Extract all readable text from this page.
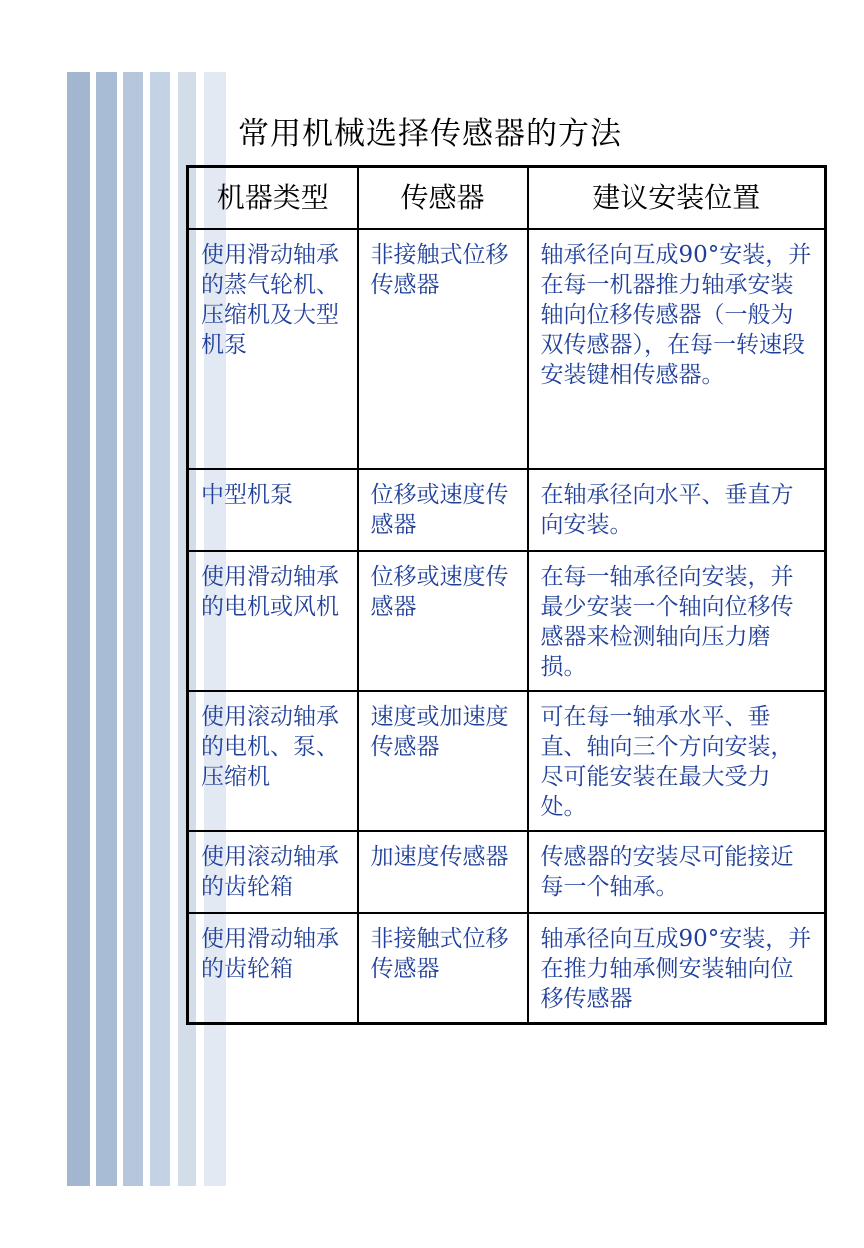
常用机械选择传感器的方法
机器类型	传感器	建议安装位置
使用滑动轴承的蒸气轮机、压缩机及大型机泵	非接触式位移传感器	轴承径向互成90°安装，并在每一机器推力轴承安装轴向位移传感器（一般为双传感器），在每一转速段安装键相传感器。
中型机泵	位移或速度传感器	在轴承径向水平、垂直方向安装。
使用滑动轴承的电机或风机	位移或速度传感器	在每一轴承径向安装，并最少安装一个轴向位移传感器来检测轴向压力磨损。
使用滚动轴承的电机、泵、压缩机	速度或加速度传感器	可在每一轴承水平、垂直、轴向三个方向安装，尽可能安装在最大受力处。
使用滚动轴承的齿轮箱	加速度传感器	传感器的安装尽可能接近每一个轴承。
使用滑动轴承的齿轮箱	非接触式位移传感器	轴承径向互成90°安装，并在推力轴承侧安装轴向位移传感器
